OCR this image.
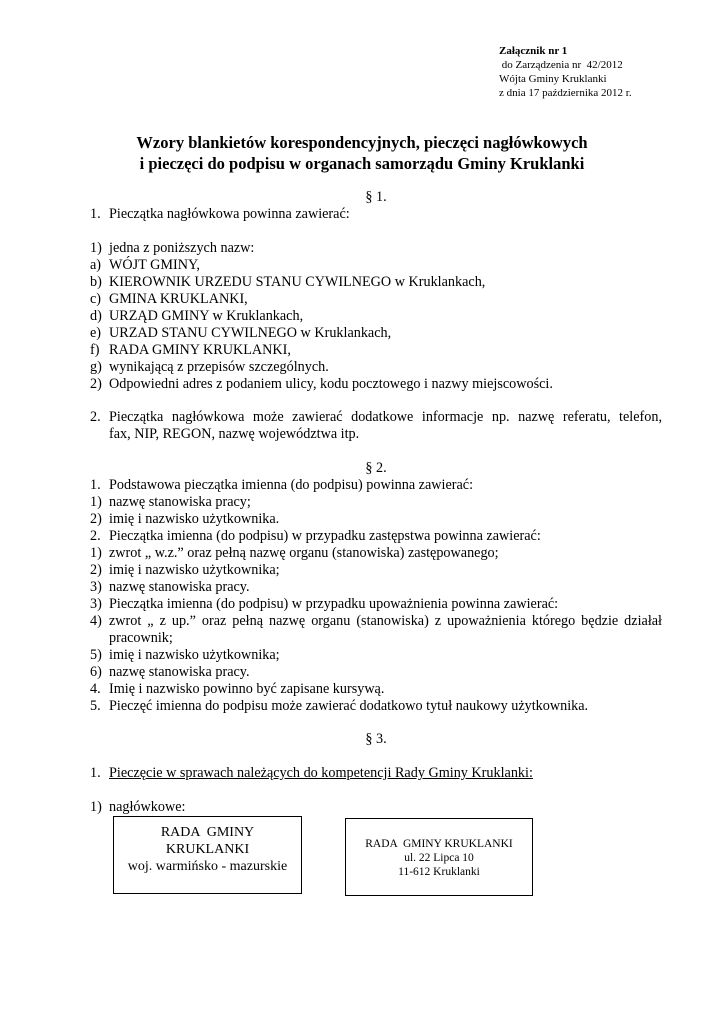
Załącznik nr 1
do Zarządzenia nr  42/2012
Wójta Gminy Kruklanki
z dnia 17 października 2012 r.
Wzory blankietów korespondencyjnych, pieczęci nagłówkowych
i pieczęci do podpisu w organach samorządu Gminy Kruklanki
§ 1.
1. Pieczątka nagłówkowa powinna zawierać:
1) jedna z poniższych nazw:
a) WÓJT GMINY,
b) KIEROWNIK URZEDU STANU CYWILNEGO w Kruklankach,
c) GMINA KRUKLANKI,
d) URZĄD GMINY w Kruklankach,
e) URZAD STANU CYWILNEGO w Kruklankach,
f) RADA GMINY KRUKLANKI,
g) wynikającą z przepisów szczególnych.
2) Odpowiedni adres z podaniem ulicy, kodu pocztowego i nazwy miejscowości.
2. Pieczątka nagłówkowa może zawierać dodatkowe informacje np. nazwę referatu, telefon,
fax, NIP, REGON, nazwę województwa itp.
§ 2.
1. Podstawowa pieczątka imienna (do podpisu) powinna zawierać:
1) nazwę stanowiska pracy;
2) imię i nazwisko użytkownika.
2. Pieczątka imienna (do podpisu) w przypadku zastępstwa powinna zawierać:
1) zwrot „ w.z.” oraz pełną nazwę organu (stanowiska) zastępowanego;
2) imię i nazwisko użytkownika;
3) nazwę stanowiska pracy.
3) Pieczątka imienna (do podpisu) w przypadku upoważnienia powinna zawierać:
4) zwrot „ z up.” oraz pełną nazwę organu (stanowiska) z upoważnienia którego będzie działał
pracownik;
5) imię i nazwisko użytkownika;
6) nazwę stanowiska pracy.
4. Imię i nazwisko powinno być zapisane kursywą.
5. Pieczęć imienna do podpisu może zawierać dodatkowo tytuł naukowy użytkownika.
§ 3.
1. Pieczęcie w sprawach należących do kompetencji Rady Gminy Kruklanki:
1) nagłówkowe:
RADA  GMINY
KRUKLANKI
woj. warmińsko - mazurskie
RADA  GMINY KRUKLANKI
ul. 22 Lipca 10
11-612 Kruklanki
